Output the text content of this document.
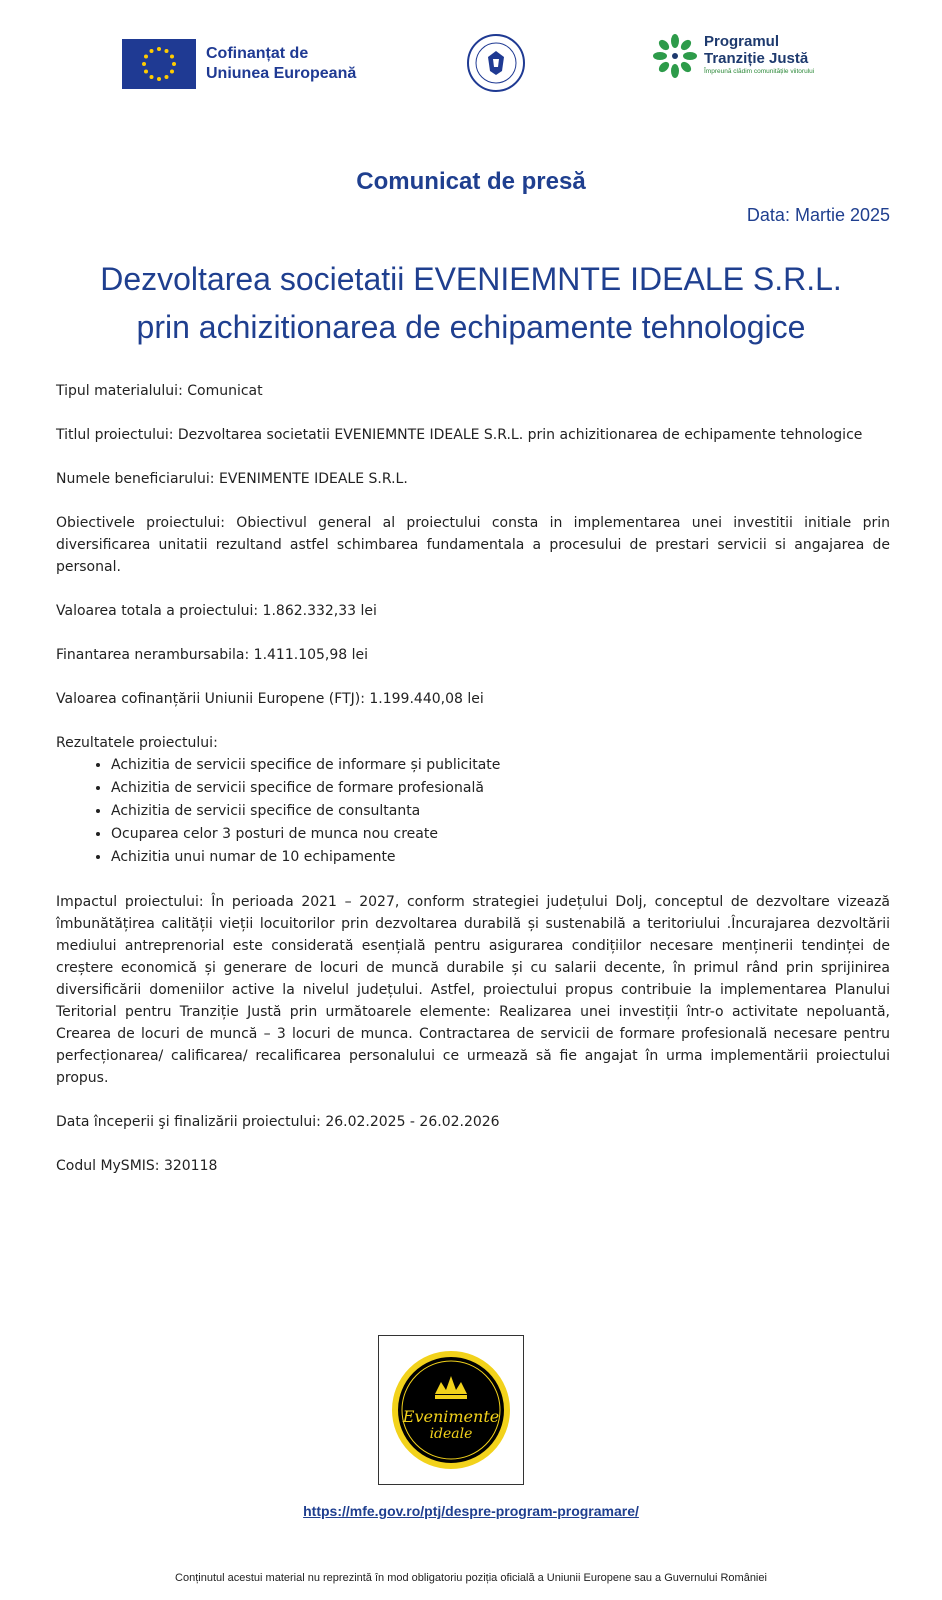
Cofinanțat de
Uniunea Europeană
Programul
Tranziție Justă
Împreună clădim comunitățile viitorului
Comunicat de presă
Data: Martie 2025
Dezvoltarea societatii EVENIEMNTE IDEALE S.R.L.
prin achizitionarea de echipamente tehnologice

Tipul materialului: Comunicat

Titlul proiectului: Dezvoltarea societatii EVENIEMNTE IDEALE S.R.L. prin achizitionarea de echipamente tehnologice

Numele beneficiarului: EVENIMENTE IDEALE S.R.L.

Obiectivele proiectului: Obiectivul general al proiectului consta in implementarea unei investitii initiale prin diversificarea unitatii rezultand astfel schimbarea fundamentala a procesului de prestari servicii si angajarea de personal.

Valoarea totala a proiectului: 1.862.332,33 lei

Finantarea nerambursabila: 1.411.105,98 lei

Valoarea cofinanțării Uniunii Europene (FTJ): 1.199.440,08 lei

Rezultatele proiectului:

• Achizitia de servicii specifice de informare și publicitate
• Achizitia de servicii specifice de formare profesională
• Achizitia de servicii specifice de consultanta
• Ocuparea celor 3 posturi de munca nou create
• Achizitia unui numar de 10 echipamente

Impactul proiectului: În perioada 2021 – 2027, conform strategiei județului Dolj, conceptul de dezvoltare vizează îmbunătățirea calității vieții locuitorilor prin dezvoltarea durabilă și sustenabilă a teritoriului .Încurajarea dezvoltării mediului antreprenorial este considerată esențială pentru asigurarea condițiilor necesare menținerii tendinței de creștere economică și generare de locuri de muncă durabile și cu salarii decente, în primul rând prin sprijinirea diversificării domeniilor active la nivelul județului. Astfel, proiectului propus contribuie la implementarea Planului Teritorial pentru Tranziție Justă prin următoarele elemente: Realizarea unei investiții într-o activitate nepoluantă, Crearea de locuri de muncă – 3 locuri de munca. Contractarea de servicii de formare profesională necesare pentru perfecționarea/ calificarea/ recalificarea personalului ce urmează să fie angajat în urma implementării proiectului propus.

Data începerii şi finalizării proiectului: 26.02.2025 - 26.02.2026

Codul MySMIS: 320118

Evenimente
ideale
https://mfe.gov.ro/ptj/despre-program-programare/
Conținutul acestui material nu reprezintă în mod obligatoriu poziția oficială a Uniunii Europene sau a Guvernului României
